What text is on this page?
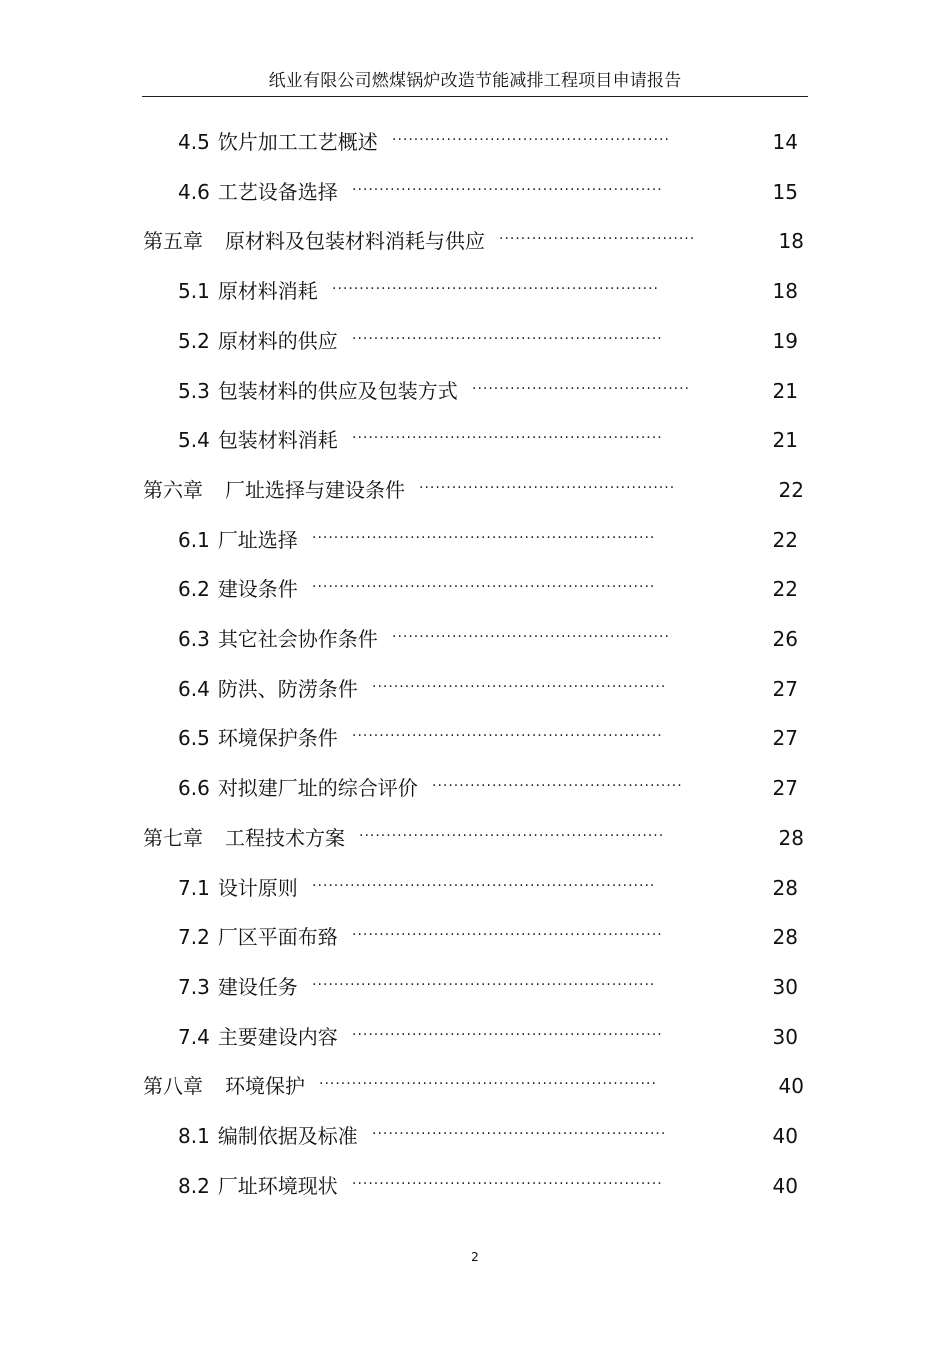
纸业有限公司燃煤锅炉改造节能减排工程项目申请报告
4.5 饮片加工工艺概述 ···················································	14
4.6 工艺设备选择 ·························································	15
第五章 原材料及包装材料消耗与供应 ····································	18
5.1 原材料消耗 ····························································	18
5.2 原材料的供应 ·························································	19
5.3 包装材料的供应及包装方式 ········································	21
5.4 包装材料消耗 ·························································	21
第六章 厂址选择与建设条件 ···············································	22
6.1 厂址选择 ·······························································	22
6.2 建设条件 ·······························································	22
6.3 其它社会协作条件 ···················································	26
6.4 防洪、防涝条件 ······················································	27
6.5 环境保护条件 ·························································	27
6.6 对拟建厂址的综合评价 ··············································	27
第七章 工程技术方案 ························································	28
7.1 设计原则 ·······························································	28
7.2 厂区平面布臵 ·························································	28
7.3 建设任务 ·······························································	30
7.4 主要建设内容 ·························································	30
第八章 环境保护 ······························································	40
8.1 编制依据及标准 ······················································	40
8.2 厂址环境现状 ·························································	40
2
